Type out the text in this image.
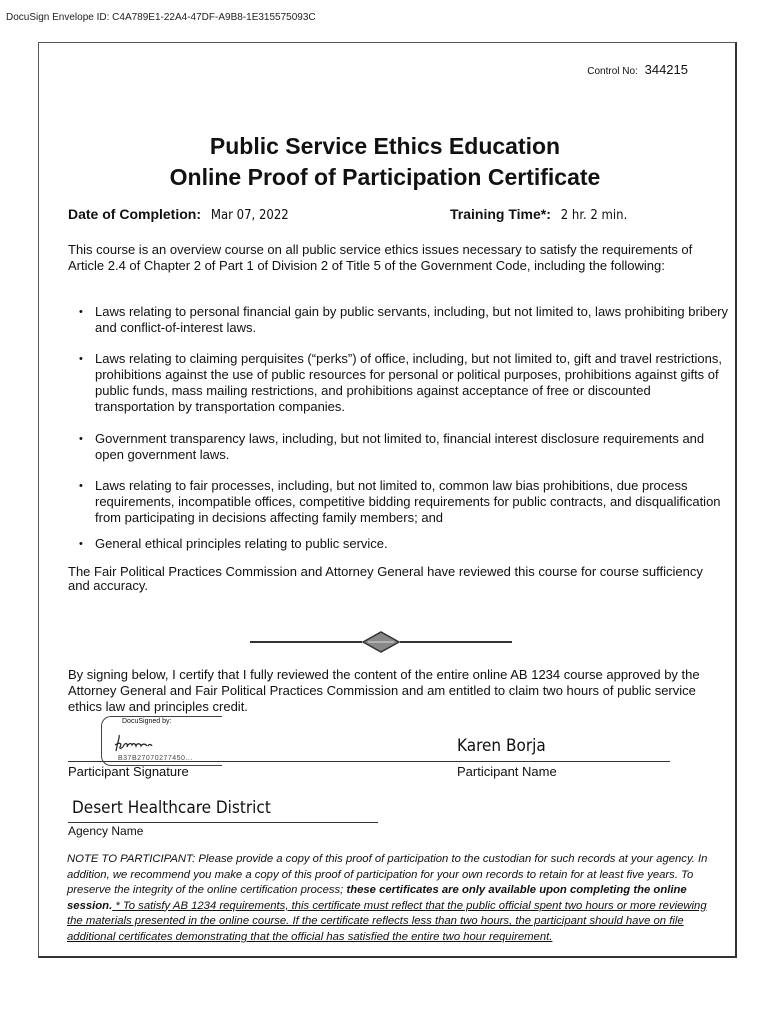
DocuSign Envelope ID: C4A789E1-22A4-47DF-A9B8-1E315575093C
Control No: 344215
Public Service Ethics Education
Online Proof of Participation Certificate
Date of Completion: Mar 07, 2022	Training Time*: 2 hr. 2 min.
This course is an overview course on all public service ethics issues necessary to satisfy the requirements of Article 2.4 of Chapter 2 of Part 1 of Division 2 of Title 5 of the Government Code, including the following:
• Laws relating to personal financial gain by public servants, including, but not limited to, laws prohibiting bribery and conflict-of-interest laws.
• Laws relating to claiming perquisites (“perks”) of office, including, but not limited to, gift and travel restrictions, prohibitions against the use of public resources for personal or political purposes, prohibitions against gifts of public funds, mass mailing restrictions, and prohibitions against acceptance of free or discounted transportation by transportation companies.
• Government transparency laws, including, but not limited to, financial interest disclosure requirements and open government laws.
• Laws relating to fair processes, including, but not limited to, common law bias prohibitions, due process requirements, incompatible offices, competitive bidding requirements for public contracts, and disqualification from participating in decisions affecting family members; and
• General ethical principles relating to public service.
The Fair Political Practices Commission and Attorney General have reviewed this course for course sufficiency and accuracy.
By signing below, I certify that I fully reviewed the content of the entire online AB 1234 course approved by the Attorney General and Fair Political Practices Commission and am entitled to claim two hours of public service ethics law and principles credit.
DocuSigned by:
B37B27070277450...
Karen Borja
Participant Signature	Participant Name
Desert Healthcare District
Agency Name
NOTE TO PARTICIPANT: Please provide a copy of this proof of participation to the custodian for such records at your agency. In addition, we recommend you make a copy of this proof of participation for your own records to retain for at least five years. To preserve the integrity of the online certification process; these certificates are only available upon completing the online session. * To satisfy AB 1234 requirements, this certificate must reflect that the public official spent two hours or more reviewing the materials presented in the online course. If the certificate reflects less than two hours, the participant should have on file additional certificates demonstrating that the official has satisfied the entire two hour requirement.
